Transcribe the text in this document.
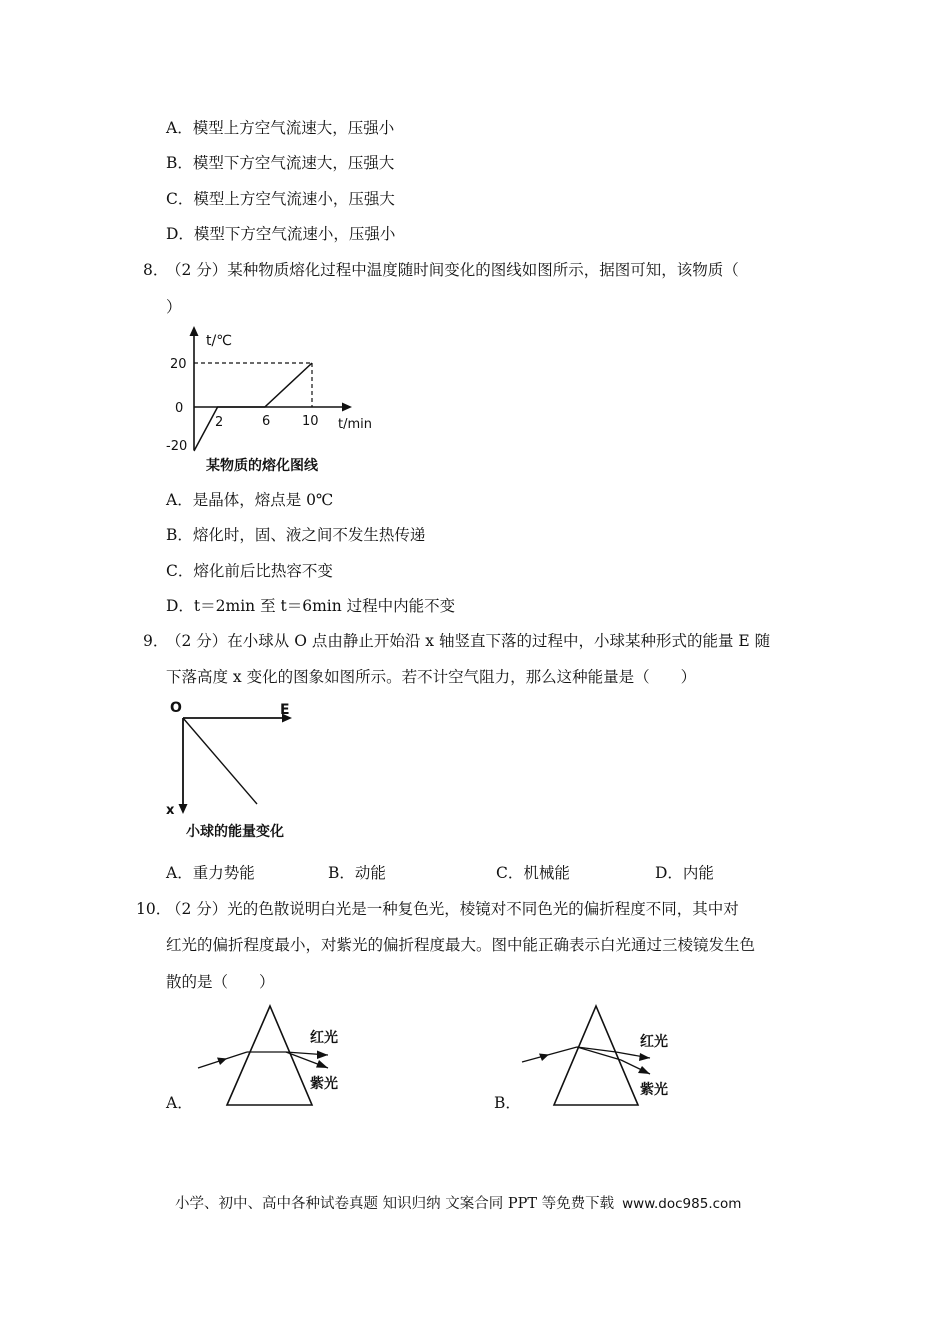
A．模型上方空气流速大，压强小
B．模型下方空气流速大，压强大
C．模型上方空气流速小，压强大
D．模型下方空气流速小，压强小
8．
（2 分）某种物质熔化过程中温度随时间变化的图线如图所示，据图可知，该物质（
）
t/℃
t/min
20
0
-20
2	6 10
某物质的熔化图线
A．是晶体，熔点是 0℃
B．熔化时，固、液之间不发生热传递
C．熔化前后比热容不变
D．t＝2min 至 t＝6min 过程中内能不变
9．
（2 分）在小球从 O 点由静止开始沿 x 轴竖直下落的过程中，小球某种形式的能量 E 随
下落高度 x 变化的图象如图所示。若不计空气阻力，那么这种能量是（　　）
O	E
x
小球的能量变化
A．重力势能	B．动能	C．机械能	D．内能
10．
（2 分）光的色散说明白光是一种复色光，棱镜对不同色光的偏折程度不同，其中对
红光的偏折程度最小，对紫光的偏折程度最大。图中能正确表示白光通过三棱镜发生色
散的是（　　）
A．
红光
紫光
B．
红光
紫光
小学、初中、高中各种试卷真题 知识归纳 文案合同 PPT 等免费下载 www.doc985.com
